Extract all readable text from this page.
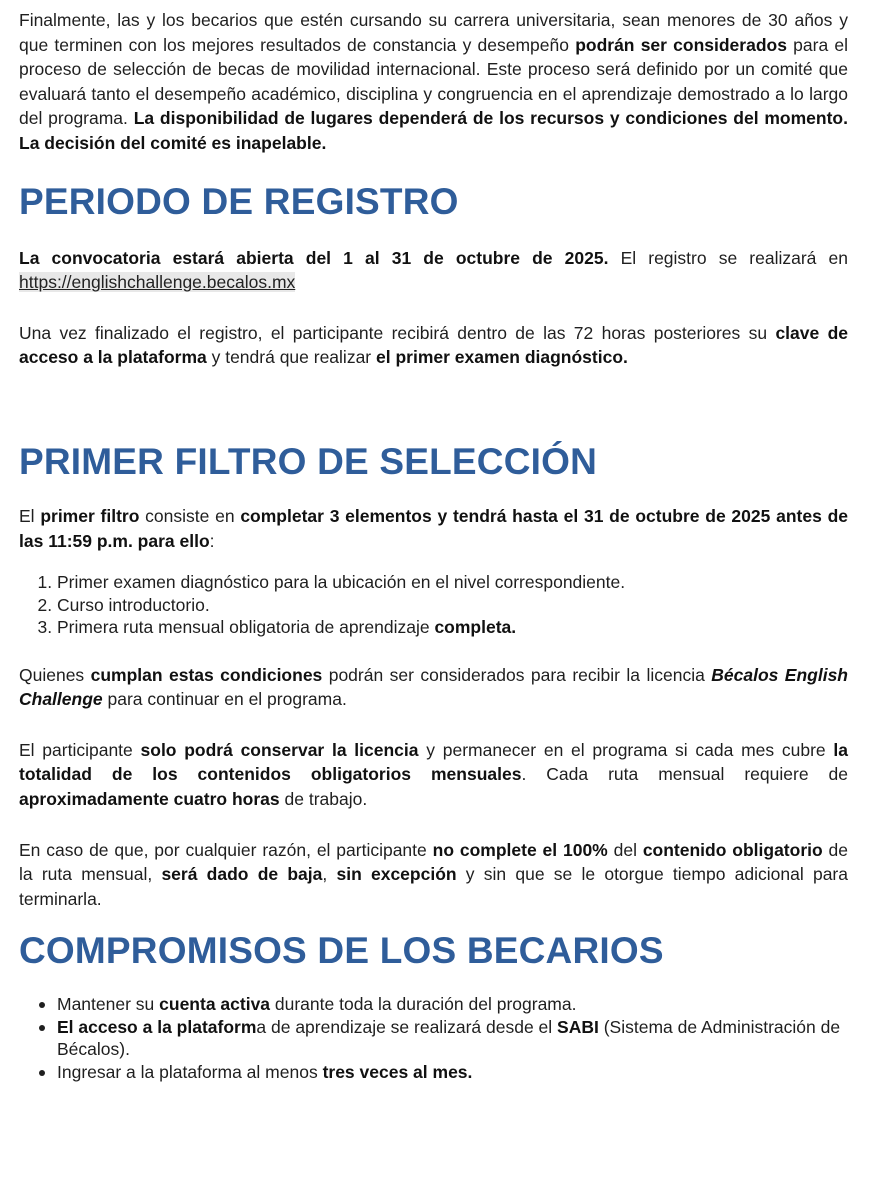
Finalmente, las y los becarios que estén cursando su carrera universitaria, sean menores de 30 años y que terminen con los mejores resultados de constancia y desempeño podrán ser considerados para el proceso de selección de becas de movilidad internacional. Este proceso será definido por un comité que evaluará tanto el desempeño académico, disciplina y congruencia en el aprendizaje demostrado a lo largo del programa. La disponibilidad de lugares dependerá de los recursos y condiciones del momento. La decisión del comité es inapelable.

PERIODO DE REGISTRO

La convocatoria estará abierta del 1 al 31 de octubre de 2025. El registro se realizará en https://englishchallenge.becalos.mx

Una vez finalizado el registro, el participante recibirá dentro de las 72 horas posteriores su clave de acceso a la plataforma y tendrá que realizar el primer examen diagnóstico.

PRIMER FILTRO DE SELECCIÓN

El primer filtro consiste en completar 3 elementos y tendrá hasta el 31 de octubre de 2025 antes de las 11:59 p.m. para ello:

1. Primer examen diagnóstico para la ubicación en el nivel correspondiente.
2. Curso introductorio.
3. Primera ruta mensual obligatoria de aprendizaje completa.

Quienes cumplan estas condiciones podrán ser considerados para recibir la licencia Bécalos English Challenge para continuar en el programa.

El participante solo podrá conservar la licencia y permanecer en el programa si cada mes cubre la totalidad de los contenidos obligatorios mensuales. Cada ruta mensual requiere de aproximadamente cuatro horas de trabajo.

En caso de que, por cualquier razón, el participante no complete el 100% del contenido obligatorio de la ruta mensual, será dado de baja, sin excepción y sin que se le otorgue tiempo adicional para terminarla.

COMPROMISOS DE LOS BECARIOS
• Mantener su cuenta activa durante toda la duración del programa.
• El acceso a la plataforma de aprendizaje se realizará desde el SABI (Sistema de Administración de Bécalos).
• Ingresar a la plataforma al menos tres veces al mes.
